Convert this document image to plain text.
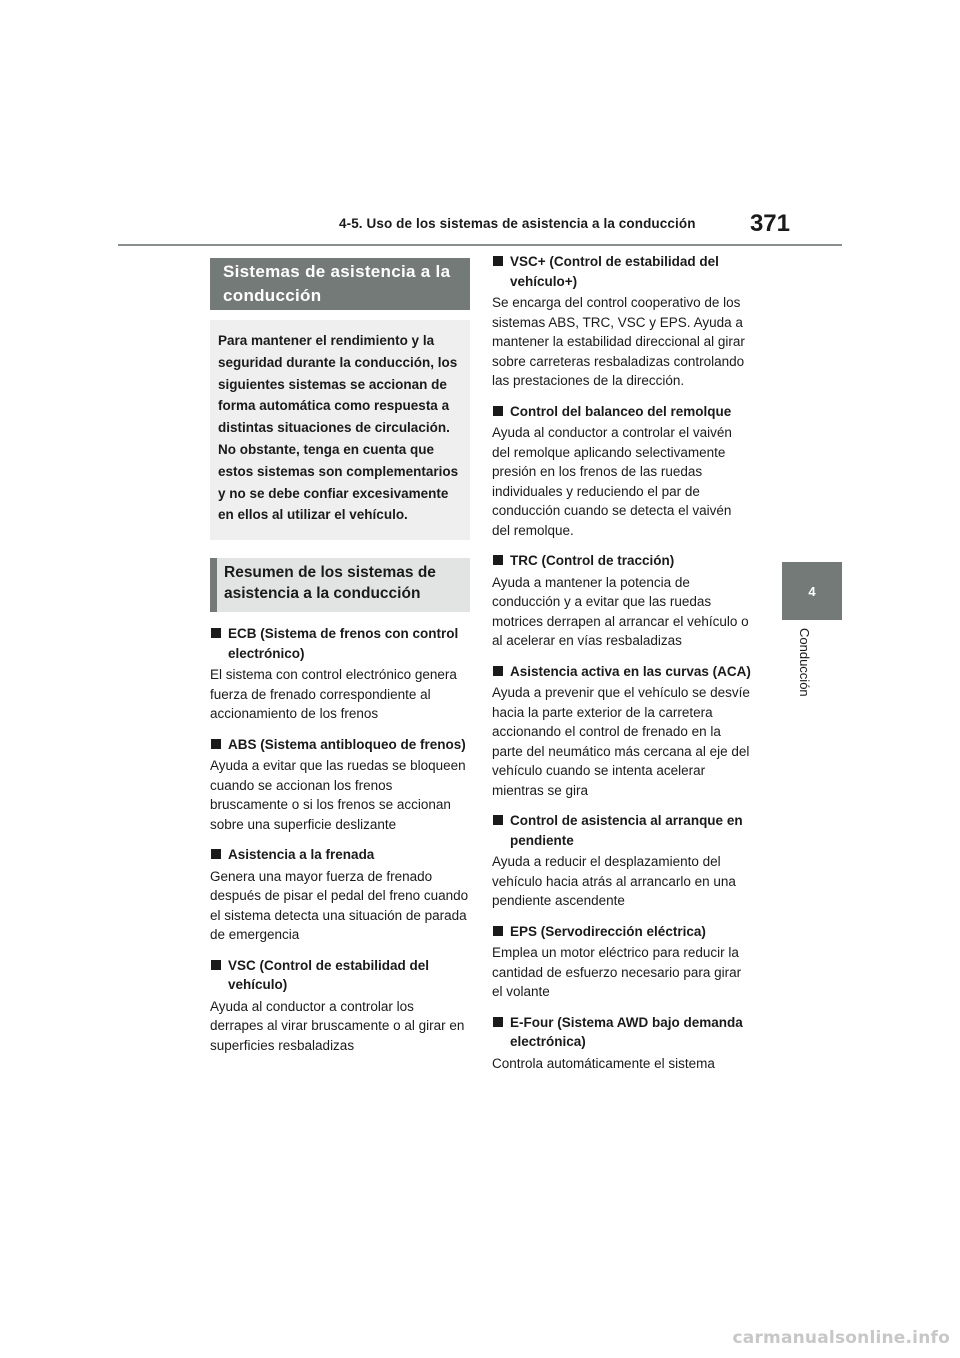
4-5. Uso de los sistemas de asistencia a la conducción	371
4
Conducción
Sistemas de asistencia a la conducción
Para mantener el rendimiento y la seguridad durante la conducción, los siguientes sistemas se accionan de forma automática como respuesta a distintas situaciones de circulación. No obstante, tenga en cuenta que estos sistemas son complementarios y no se debe confiar excesivamente en ellos al utilizar el vehículo.
Resumen de los sistemas de asistencia a la conducción
ECB (Sistema de frenos con control electrónico)
El sistema con control electrónico genera fuerza de frenado correspondiente al accionamiento de los frenos
ABS (Sistema antibloqueo de frenos)
Ayuda a evitar que las ruedas se bloqueen cuando se accionan los frenos bruscamente o si los frenos se accionan sobre una superficie deslizante
Asistencia a la frenada
Genera una mayor fuerza de frenado después de pisar el pedal del freno cuando el sistema detecta una situación de parada de emergencia
VSC (Control de estabilidad del vehículo)
Ayuda al conductor a controlar los derrapes al virar bruscamente o al girar en superficies resbaladizas
VSC+ (Control de estabilidad del vehículo+)
Se encarga del control cooperativo de los sistemas ABS, TRC, VSC y EPS. Ayuda a mantener la estabilidad direccional al girar sobre carreteras resbaladizas controlando las prestaciones de la dirección.
Control del balanceo del remolque
Ayuda al conductor a controlar el vaivén del remolque aplicando selectivamente presión en los frenos de las ruedas individuales y reduciendo el par de conducción cuando se detecta el vaivén del remolque.
TRC (Control de tracción)
Ayuda a mantener la potencia de conducción y a evitar que las ruedas motrices derrapen al arrancar el vehículo o al acelerar en vías resbaladizas
Asistencia activa en las curvas (ACA)
Ayuda a prevenir que el vehículo se desvíe hacia la parte exterior de la carretera accionando el control de frenado en la parte del neumático más cercana al eje del vehículo cuando se intenta acelerar mientras se gira
Control de asistencia al arranque en pendiente
Ayuda a reducir el desplazamiento del vehículo hacia atrás al arrancarlo en una pendiente ascendente
EPS (Servodirección eléctrica)
Emplea un motor eléctrico para reducir la cantidad de esfuerzo necesario para girar el volante
E-Four (Sistema AWD bajo demanda electrónica)
Controla automáticamente el sistema
carmanualsonline.info
